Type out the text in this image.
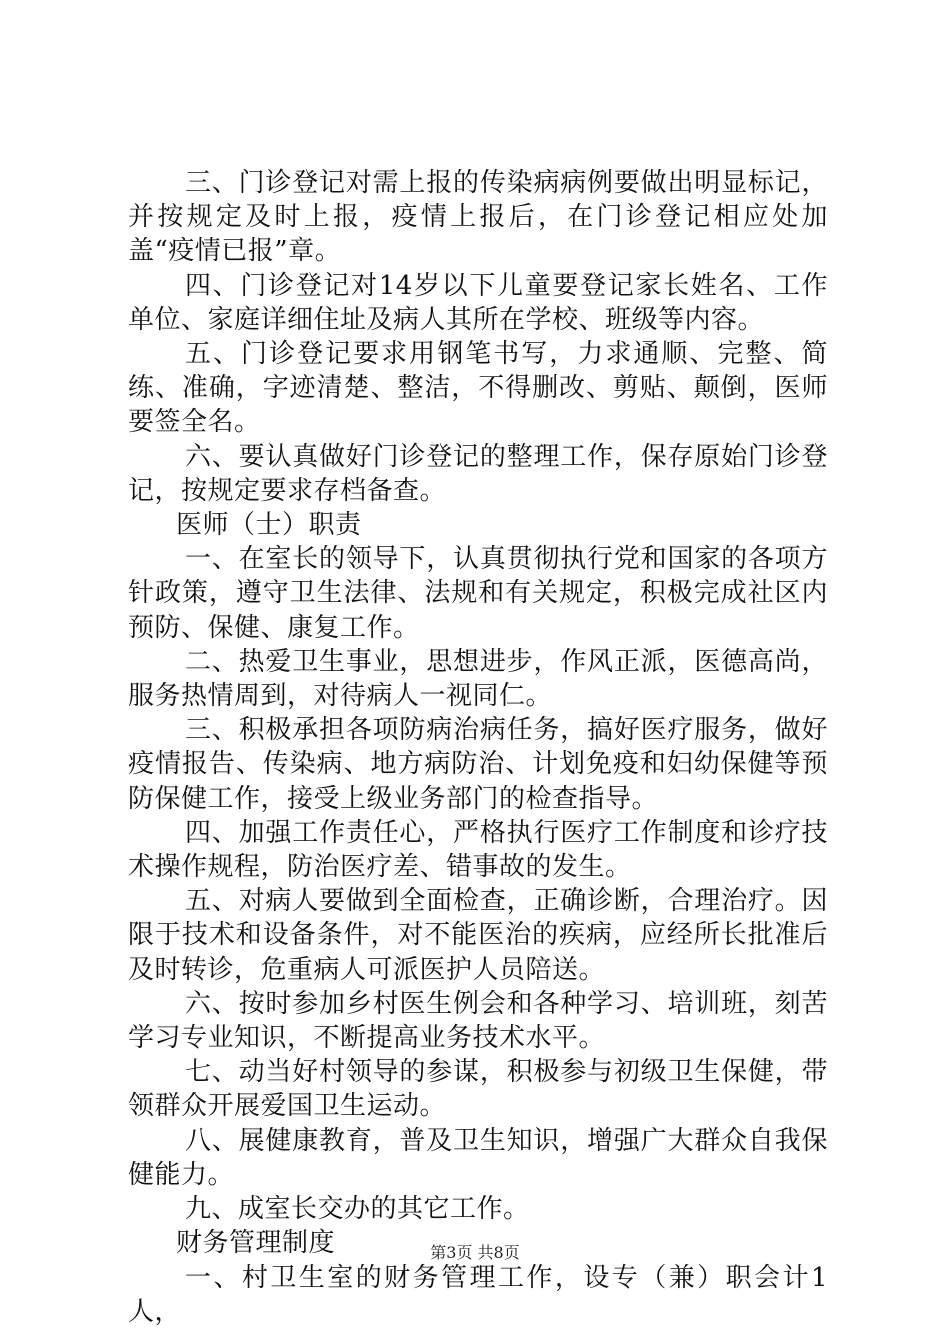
三、门诊登记对需上报的传染病病例要做出明显标记，并按规定及时上报，疫情上报后，在门诊登记相应处加盖“疫情已报”章。

四、门诊登记对14岁以下儿童要登记家长姓名、工作单位、家庭详细住址及病人其所在学校、班级等内容。

五、门诊登记要求用钢笔书写，力求通顺、完整、简练、准确，字迹清楚、整洁，不得删改、剪贴、颠倒，医师要签全名。

六、要认真做好门诊登记的整理工作，保存原始门诊登记，按规定要求存档备查。

医师（士）职责

一、在室长的领导下，认真贯彻执行党和国家的各项方针政策，遵守卫生法律、法规和有关规定，积极完成社区内预防、保健、康复工作。

二、热爱卫生事业，思想进步，作风正派，医德高尚，服务热情周到，对待病人一视同仁。

三、积极承担各项防病治病任务，搞好医疗服务，做好疫情报告、传染病、地方病防治、计划免疫和妇幼保健等预防保健工作，接受上级业务部门的检查指导。

四、加强工作责任心，严格执行医疗工作制度和诊疗技术操作规程，防治医疗差、错事故的发生。

五、对病人要做到全面检查，正确诊断，合理治疗。因限于技术和设备条件，对不能医治的疾病，应经所长批准后及时转诊，危重病人可派医护人员陪送。

六、按时参加乡村医生例会和各种学习、培训班，刻苦学习专业知识，不断提高业务技术水平。

七、动当好村领导的参谋，积极参与初级卫生保健，带领群众开展爱国卫生运动。

八、展健康教育，普及卫生知识，增强广大群众自我保健能力。

九、成室长交办的其它工作。

财务管理制度

一、村卫生室的财务管理工作，设专（兼）职会计1人，

第3页 共8页
